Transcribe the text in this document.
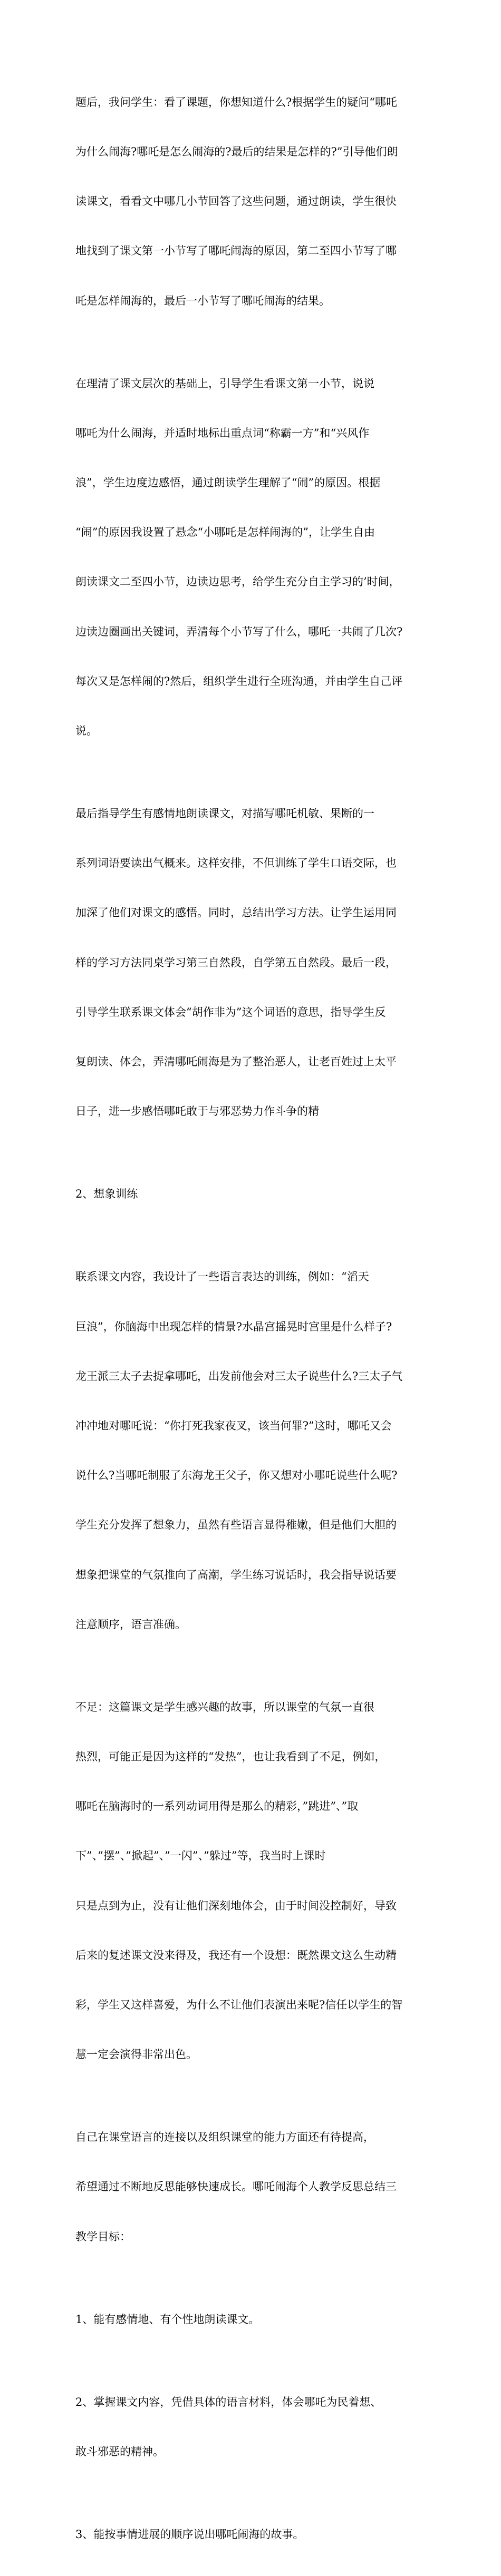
题后，我问学生：看了课题，你想知道什么?根据学生的疑问“哪吒

为什么闹海?哪吒是怎么闹海的?最后的结果是怎样的?”引导他们朗

读课文，看看文中哪几小节回答了这些问题，通过朗读，学生很快

地找到了课文第一小节写了哪吒闹海的原因，第二至四小节写了哪

吒是怎样闹海的，最后一小节写了哪吒闹海的结果。

在理清了课文层次的基础上，引导学生看课文第一小节，说说

哪吒为什么闹海，并适时地标出重点词“称霸一方”和“兴风作

浪”，学生边度边感悟，通过朗读学生理解了“闹”的原因。根据

“闹”的原因我设置了悬念“小哪吒是怎样闹海的”，让学生自由

朗读课文二至四小节，边读边思考，给学生充分自主学习的’时间，

边读边圈画出关键词，弄清每个小节写了什么，哪吒一共闹了几次?

每次又是怎样闹的?然后，组织学生进行全班沟通，并由学生自己评

说。

最后指导学生有感情地朗读课文，对描写哪吒机敏、果断的一

系列词语要读出气概来。这样安排，不但训练了学生口语交际，也

加深了他们对课文的感悟。同时，总结出学习方法。让学生运用同

样的学习方法同桌学习第三自然段，自学第五自然段。最后一段，

引导学生联系课文体会“胡作非为”这个词语的意思，指导学生反

复朗读、体会，弄清哪吒闹海是为了整治恶人，让老百姓过上太平

日子，进一步感悟哪吒敢于与邪恶势力作斗争的精

2、想象训练

联系课文内容，我设计了一些语言表达的训练，例如：“滔天

巨浪”，你脑海中出现怎样的情景?水晶宫摇晃时宫里是什么样子?

龙王派三太子去捉拿哪吒，出发前他会对三太子说些什么?三太子气

冲冲地对哪吒说：“你打死我家夜叉，该当何罪?”这时，哪吒又会

说什么?当哪吒制服了东海龙王父子，你又想对小哪吒说些什么呢?

学生充分发挥了想象力，虽然有些语言显得稚嫩，但是他们大胆的

想象把课堂的气氛推向了高潮，学生练习说话时，我会指导说话要

注意顺序，语言准确。

不足：这篇课文是学生感兴趣的故事，所以课堂的气氛一直很

热烈，可能正是因为这样的“发热”，也让我看到了不足，例如，

哪吒在脑海时的一系列动词用得是那么的精彩，”跳进”、”取

下”、”摆”、”掀起”、”一闪”、”躲过”等，我当时上课时

只是点到为止，没有让他们深刻地体会，由于时间没控制好，导致

后来的复述课文没来得及，我还有一个设想：既然课文这么生动精

彩，学生又这样喜爱，为什么不让他们表演出来呢?信任以学生的智

慧一定会演得非常出色。

自己在课堂语言的连接以及组织课堂的能力方面还有待提高，

希望通过不断地反思能够快速成长。哪吒闹海个人教学反思总结三

教学目标：

1、能有感情地、有个性地朗读课文。

2、掌握课文内容，凭借具体的语言材料，体会哪吒为民着想、

敢斗邪恶的精神。

3、能按事情进展的顺序说出哪吒闹海的故事。
